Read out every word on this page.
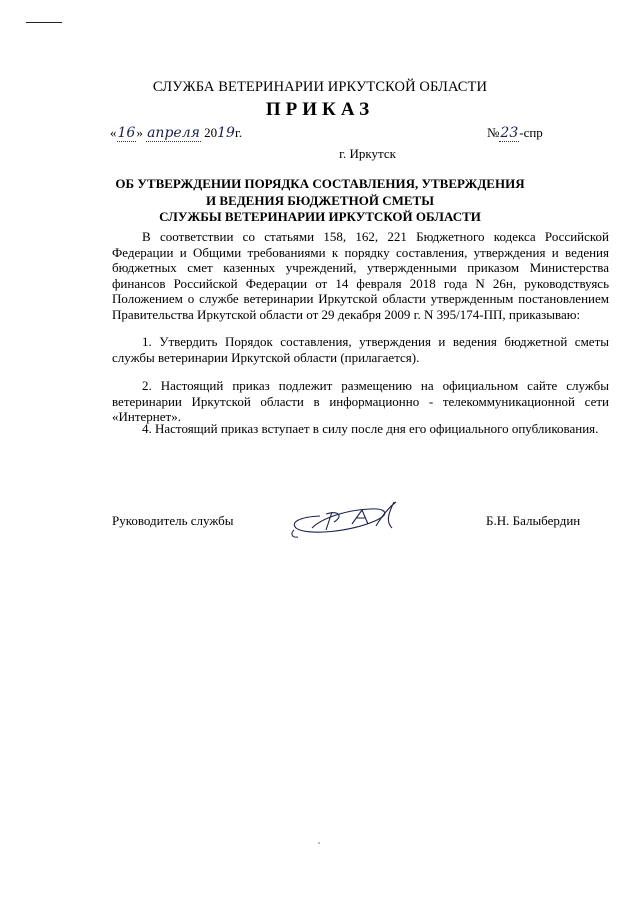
СЛУЖБА ВЕТЕРИНАРИИ ИРКУТСКОЙ ОБЛАСТИ
ПРИКАЗ
«16» апреля 2019г.	№23-спр
г. Иркутск
ОБ УТВЕРЖДЕНИИ ПОРЯДКА СОСТАВЛЕНИЯ, УТВЕРЖДЕНИЯ
И ВЕДЕНИЯ БЮДЖЕТНОЙ СМЕТЫ
СЛУЖБЫ ВЕТЕРИНАРИИ ИРКУТСКОЙ ОБЛАСТИ
В соответствии со статьями 158, 162, 221 Бюджетного кодекса Российской Федерации и Общими требованиями к порядку составления, утверждения и ведения бюджетных смет казенных учреждений, утвержденными приказом Министерства финансов Российской Федерации от 14 февраля 2018 года N 26н, руководствуясь Положением о службе ветеринарии Иркутской области утвержденным постановлением Правительства Иркутской области от 29 декабря 2009 г. N 395/174-ПП, приказываю:
1. Утвердить Порядок составления, утверждения и ведения бюджетной сметы службы ветеринарии Иркутской области (прилагается).
2. Настоящий приказ подлежит размещению на официальном сайте службы ветеринарии Иркутской области в информационно - телекоммуникационной сети «Интернет».
4. Настоящий приказ вступает в силу после дня его официального опубликования.
Руководитель службы	Б.Н. Балыбердин
